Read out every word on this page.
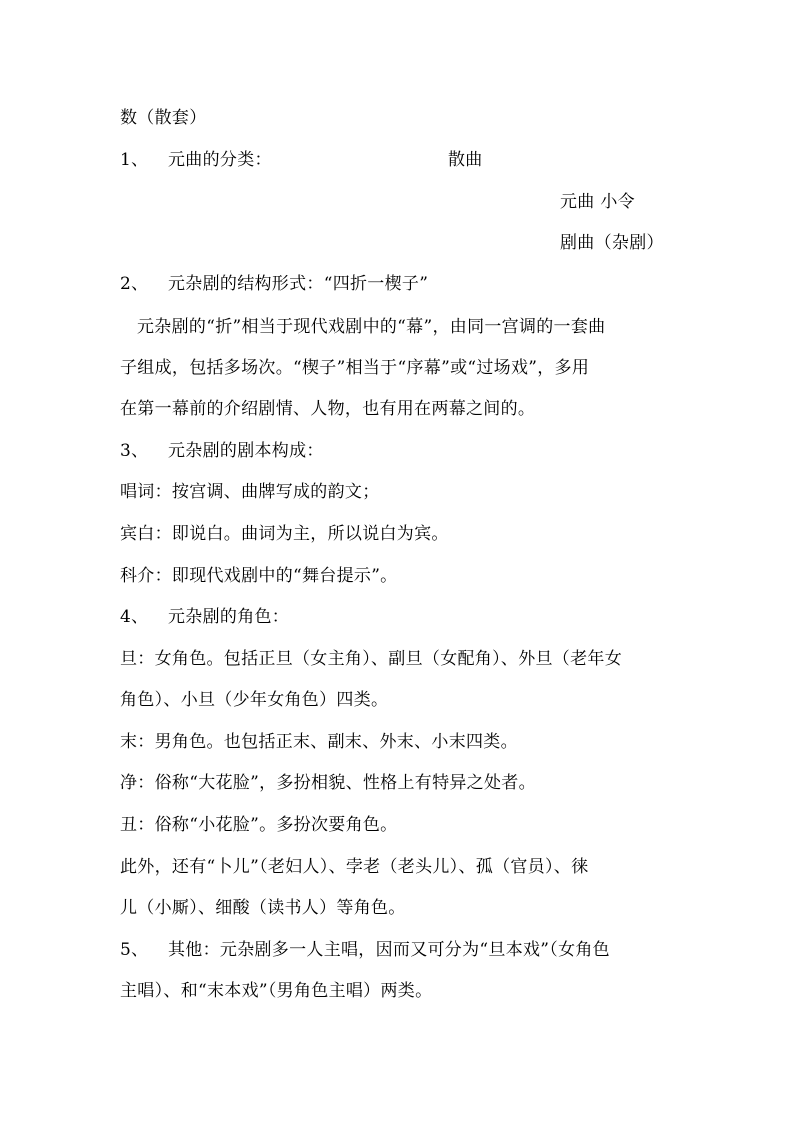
数（散套）
1、 元曲的分类：	散曲
元曲 小令
剧曲（杂剧）
2、 元杂剧的结构形式：“四折一楔子”
元杂剧的“折”相当于现代戏剧中的“幕”，由同一宫调的一套曲
子组成，包括多场次。“楔子”相当于“序幕”或“过场戏”，多用
在第一幕前的介绍剧情、人物，也有用在两幕之间的。
3、 元杂剧的剧本构成：
唱词：按宫调、曲牌写成的韵文；
宾白：即说白。曲词为主，所以说白为宾。
科介：即现代戏剧中的“舞台提示”。
4、 元杂剧的角色：
旦：女角色。包括正旦（女主角）、副旦（女配角）、外旦（老年女
角色）、小旦（少年女角色）四类。
末：男角色。也包括正末、副末、外末、小末四类。
净：俗称“大花脸”，多扮相貌、性格上有特异之处者。
丑：俗称“小花脸”。多扮次要角色。
此外，还有“卜儿”（老妇人）、孛老（老头儿）、孤（官员）、徕
儿（小厮）、细酸（读书人）等角色。
5、 其他：元杂剧多一人主唱，因而又可分为“旦本戏”（女角色
主唱）、和“末本戏”（男角色主唱）两类。
